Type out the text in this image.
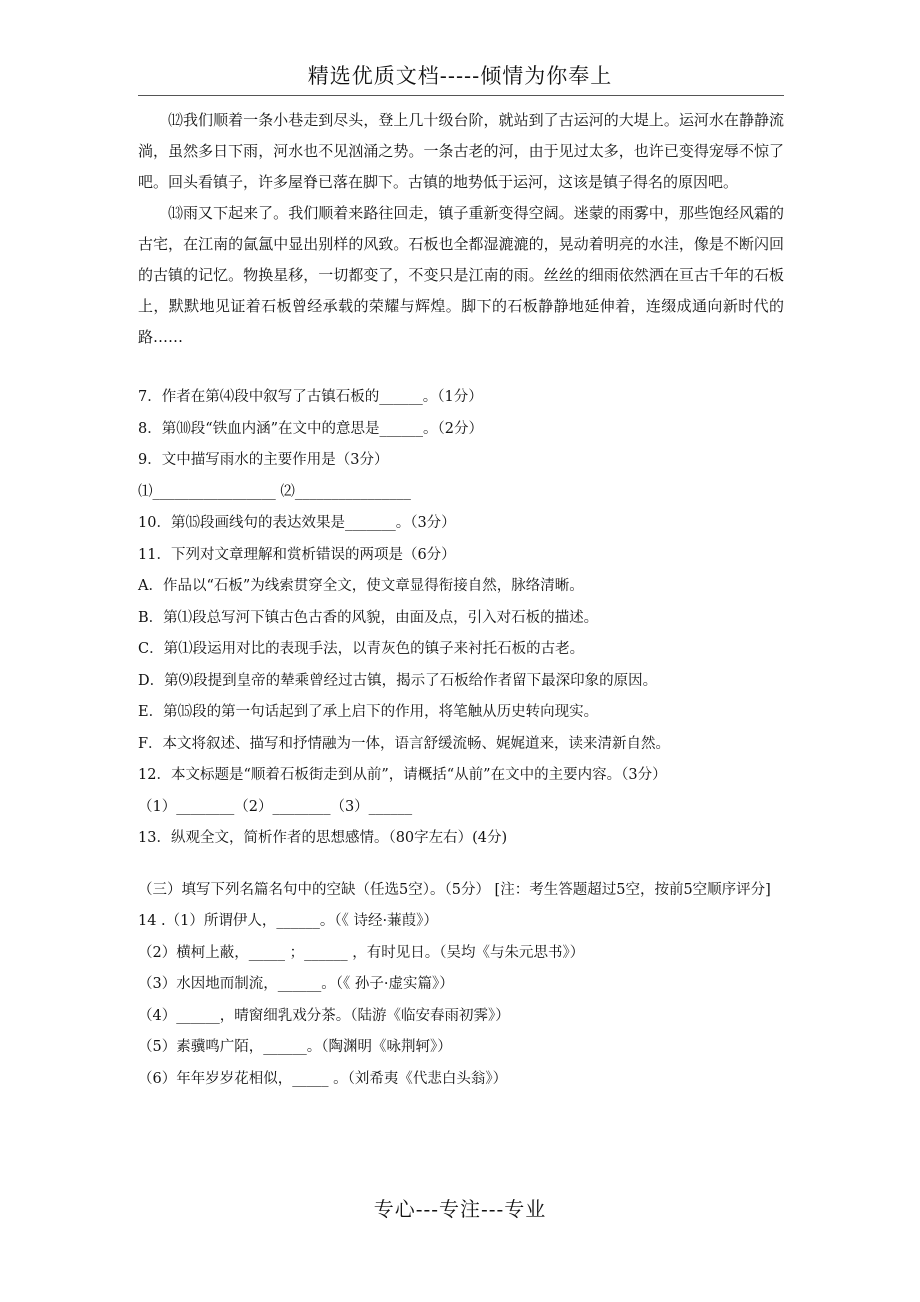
精选优质文档-----倾情为你奉上

⑿我们顺着一条小巷走到尽头，登上几十级台阶，就站到了古运河的大堤上。运河水在静静流淌，虽然多日下雨，河水也不见汹涌之势。一条古老的河，由于见过太多，也许已变得宠辱不惊了吧。回头看镇子，许多屋脊已落在脚下。古镇的地势低于运河，这该是镇子得名的原因吧。

⒀雨又下起来了。我们顺着来路往回走，镇子重新变得空阔。迷蒙的雨雾中，那些饱经风霜的古宅，在江南的氤氲中显出别样的风致。石板也全都湿漉漉的，晃动着明亮的水洼，像是不断闪回的古镇的记忆。物换星移，一切都变了，不变只是江南的雨。丝丝的细雨依然洒在亘古千年的石板上，默默地见证着石板曾经承载的荣耀与辉煌。脚下的石板静静地延伸着，连缀成通向新时代的路……

7．作者在第⑷段中叙写了古镇石板的______。（1分）

8．第⑽段“铁血内涵”在文中的意思是______。（2分）

9．文中描写雨水的主要作用是（3分）

⑴_________________ ⑵________________

10．第⒂段画线句的表达效果是_______。（3分）

11．下列对文章理解和赏析错误的两项是（6分）

A．作品以“石板”为线索贯穿全文，使文章显得衔接自然，脉络清晰。

B．第⑴段总写河下镇古色古香的风貌，由面及点，引入对石板的描述。

C．第⑴段运用对比的表现手法，以青灰色的镇子来衬托石板的古老。

D．第⑼段提到皇帝的辇乘曾经过古镇，揭示了石板给作者留下最深印象的原因。

E．第⒂段的第一句话起到了承上启下的作用，将笔触从历史转向现实。

F．本文将叙述、描写和抒情融为一体，语言舒缓流畅、娓娓道来，读来清新自然。

12．本文标题是“顺着石板街走到从前”，请概括“从前”在文中的主要内容。（3分）

（1）________（2）________（3）______

13．纵观全文，简析作者的思想感情。（80字左右）(4分)

（三）填写下列名篇名句中的空缺（任选5空）。（5分） [注：考生答题超过5空，按前5空顺序评分]

14 .（1）所谓伊人，______。（《 诗经·蒹葭》）

（2）横柯上蔽，_____ ；______ ，有时见日。（吴均《与朱元思书》）

（3）水因地而制流，______。（《 孙子·虚实篇》）

（4）______，晴窗细乳戏分茶。（陆游《临安春雨初霁》）

（5）素骥鸣广陌，______。（陶渊明《咏荆轲》）

（6）年年岁岁花相似，_____ 。（刘希夷《代悲白头翁》）

专心---专注---专业
